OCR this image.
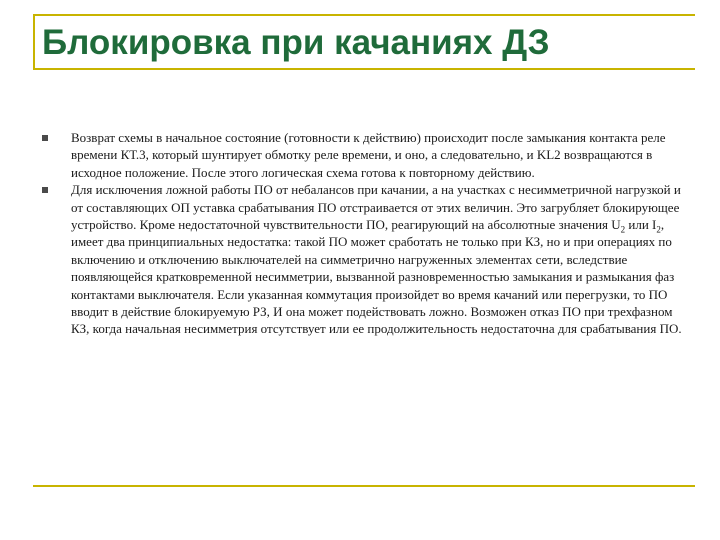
Блокировка при качаниях ДЗ
Возврат схемы в начальное состояние (готовности к действию) происходит после замыкания контакта реле времени КТ.3, который шунтирует обмотку реле времени, и оно, а следовательно, и KL2 возвращаются в исходное положение. После этого логическая схема готова к повторному действию.
Для исключения ложной работы ПО от небалансов при качании, а на участках с несимметричной нагрузкой и от составляющих ОП уставка срабатывания ПО отстраивается от этих величин. Это загрубляет блокирующее устройство. Кроме недостаточной чувствительности ПО, реагирующий на абсолютные значения $U_2$ или $I_2$, имеет два принципиальных недостатка: такой ПО может сработать не только при КЗ, но и при операциях по включению и отключению выключателей на симметрично нагруженных элементах сети, вследствие появляющейся кратковременной несимметрии, вызванной разновременностью замыкания и размыкания фаз контактами выключателя. Если указанная коммутация произойдет во время качаний или перегрузки, то ПО вводит в действие блокируемую РЗ, И она может подействовать ложно. Возможен отказ ПО при трехфазном КЗ, когда начальная несимметрия отсутствует или ее продолжительность недостаточна для срабатывания ПО.
